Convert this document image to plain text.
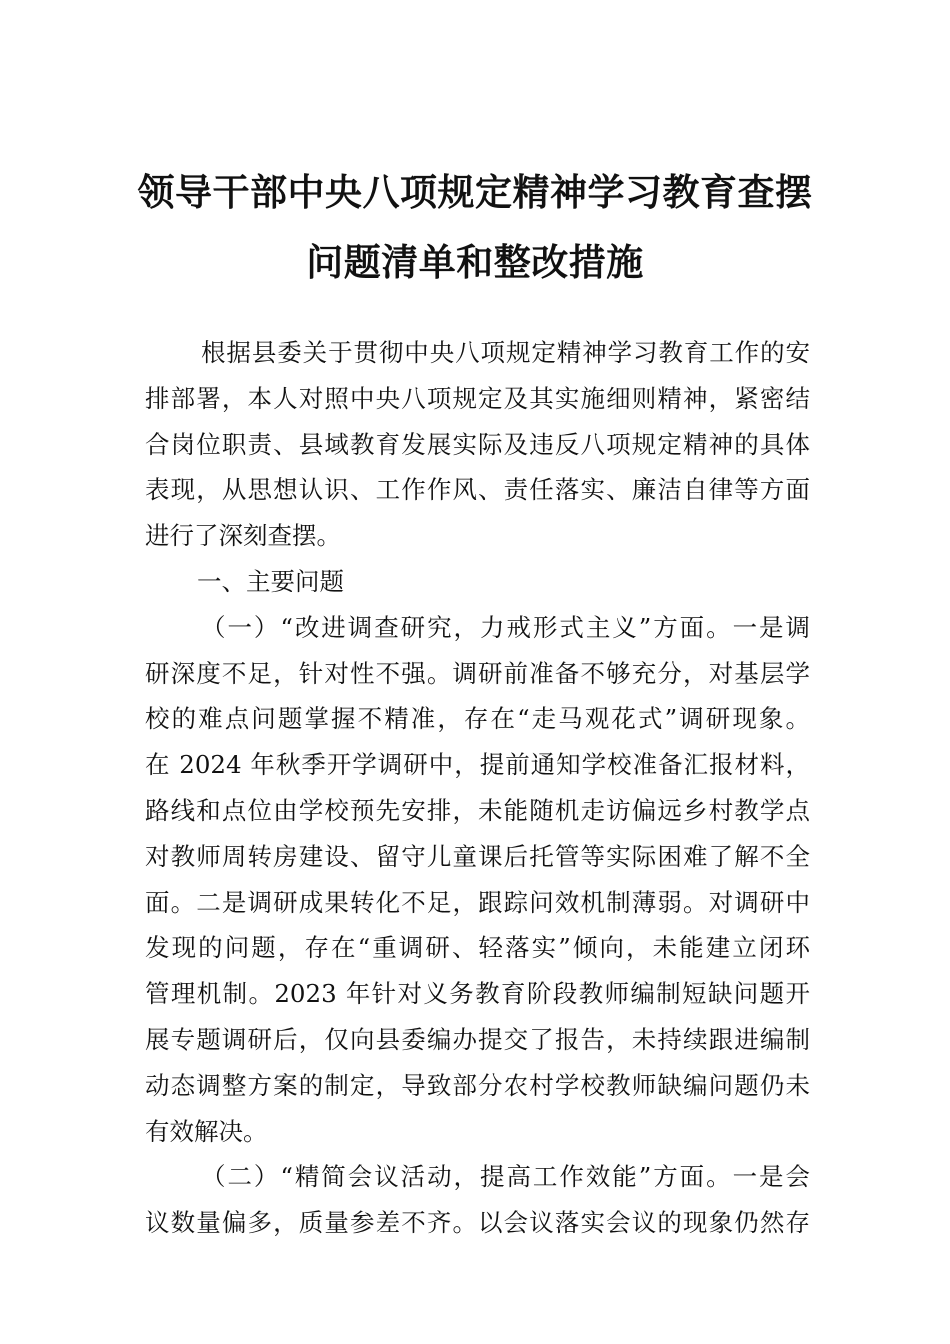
领导干部中央八项规定精神学习教育查摆
问题清单和整改措施
根据县委关于贯彻中央八项规定精神学习教育工作的安
排部署，本人对照中央八项规定及其实施细则精神，紧密结
合岗位职责、县域教育发展实际及违反八项规定精神的具体
表现，从思想认识、工作作风、责任落实、廉洁自律等方面
进行了深刻查摆。
一、主要问题
（一）“改进调查研究，力戒形式主义”方面。一是调
研深度不足，针对性不强。调研前准备不够充分，对基层学
校的难点问题掌握不精准，存在“走马观花式”调研现象。
在 2024 年秋季开学调研中，提前通知学校准备汇报材料，
路线和点位由学校预先安排，未能随机走访偏远乡村教学点
对教师周转房建设、留守儿童课后托管等实际困难了解不全
面。二是调研成果转化不足，跟踪问效机制薄弱。对调研中
发现的问题，存在“重调研、轻落实”倾向，未能建立闭环
管理机制。2023 年针对义务教育阶段教师编制短缺问题开
展专题调研后，仅向县委编办提交了报告，未持续跟进编制
动态调整方案的制定，导致部分农村学校教师缺编问题仍未
有效解决。
（二）“精简会议活动，提高工作效能”方面。一是会
议数量偏多，质量参差不齐。以会议落实会议的现象仍然存
